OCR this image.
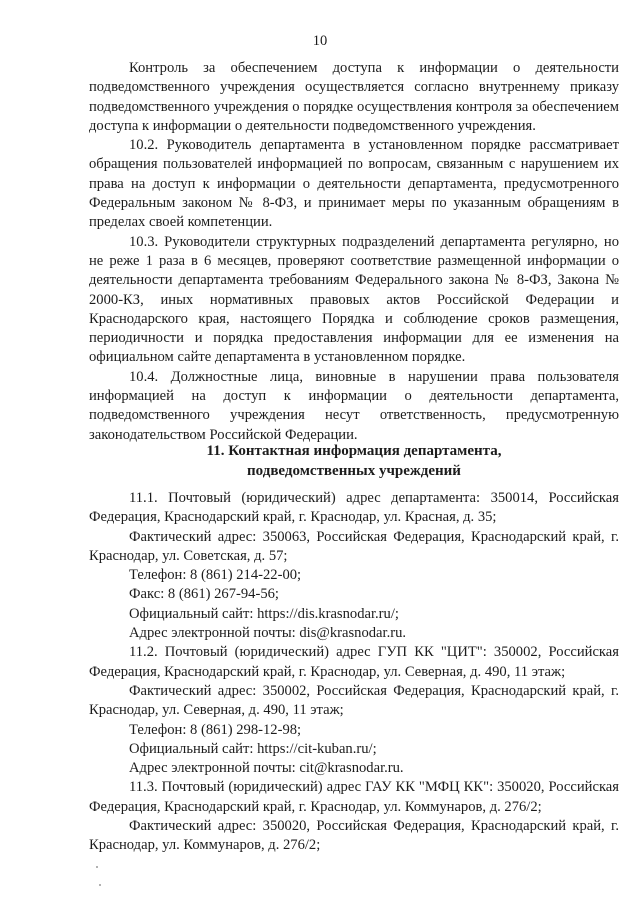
10

Контроль за обеспечением доступа к информации о деятельности подведомственного учреждения осуществляется согласно внутреннему приказу подведомственного учреждения о порядке осуществления контроля за обеспечением доступа к информации о деятельности подведомственного учреждения.

10.2. Руководитель департамента в установленном порядке рассматривает обращения пользователей информацией по вопросам, связанным с нарушением их права на доступ к информации о деятельности департамента, предусмотренного Федеральным законом № 8-ФЗ, и принимает меры по указанным обращениям в пределах своей компетенции.

10.3. Руководители структурных подразделений департамента регулярно, но не реже 1 раза в 6 месяцев, проверяют соответствие размещенной информации о деятельности департамента требованиям Федерального закона № 8-ФЗ, Закона № 2000-КЗ, иных нормативных правовых актов Российской Федерации и Краснодарского края, настоящего Порядка и соблюдение сроков размещения, периодичности и порядка предоставления информации для ее изменения на официальном сайте департамента в установленном порядке.

10.4. Должностные лица, виновные в нарушении права пользователя информацией на доступ к информации о деятельности департамента, подведомственного учреждения несут ответственность, предусмотренную законодательством Российской Федерации.

11. Контактная информация департамента,
подведомственных учреждений

11.1. Почтовый (юридический) адрес департамента: 350014, Российская Федерация, Краснодарский край, г. Краснодар, ул. Красная, д. 35;

Фактический адрес: 350063, Российская Федерация, Краснодарский край, г. Краснодар, ул. Советская, д. 57;

Телефон: 8 (861) 214-22-00;

Факс: 8 (861) 267-94-56;

Официальный сайт: https://dis.krasnodar.ru/;

Адрес электронной почты: dis@krasnodar.ru.

11.2. Почтовый (юридический) адрес ГУП КК "ЦИТ": 350002, Российская Федерация, Краснодарский край, г. Краснодар, ул. Северная, д. 490, 11 этаж;

Фактический адрес: 350002, Российская Федерация, Краснодарский край, г. Краснодар, ул. Северная, д. 490, 11 этаж;

Телефон: 8 (861) 298-12-98;

Официальный сайт: https://cit-kuban.ru/;

Адрес электронной почты: cit@krasnodar.ru.

11.3. Почтовый (юридический) адрес ГАУ КК "МФЦ КК": 350020, Российская Федерация, Краснодарский край, г. Краснодар, ул. Коммунаров, д. 276/2;

Фактический адрес: 350020, Российская Федерация, Краснодарский край, г. Краснодар, ул. Коммунаров, д. 276/2;
